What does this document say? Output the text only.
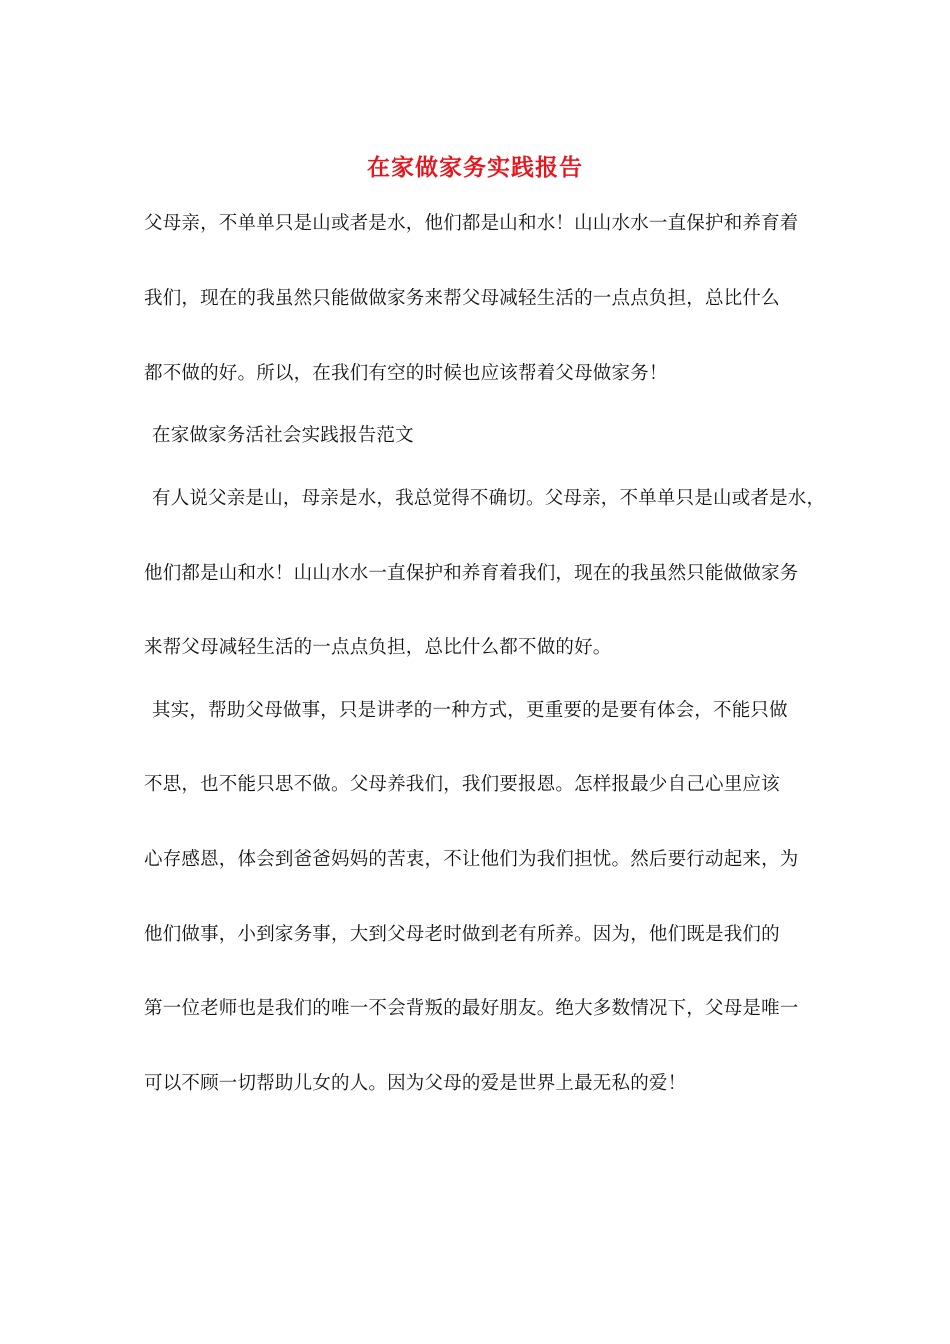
在家做家务实践报告
父母亲，不单单只是山或者是水，他们都是山和水！山山水水一直保护和养育着
我们，现在的我虽然只能做做家务来帮父母减轻生活的一点点负担，总比什么
都不做的好。所以，在我们有空的时候也应该帮着父母做家务！
在家做家务活社会实践报告范文
有人说父亲是山，母亲是水，我总觉得不确切。父母亲，不单单只是山或者是水，
他们都是山和水！山山水水一直保护和养育着我们，现在的我虽然只能做做家务
来帮父母减轻生活的一点点负担，总比什么都不做的好。
其实，帮助父母做事，只是讲孝的一种方式，更重要的是要有体会，不能只做
不思，也不能只思不做。父母养我们，我们要报恩。怎样报最少自己心里应该
心存感恩，体会到爸爸妈妈的苦衷，不让他们为我们担忧。然后要行动起来，为
他们做事，小到家务事，大到父母老时做到老有所养。因为，他们既是我们的
第一位老师也是我们的唯一不会背叛的最好朋友。绝大多数情况下，父母是唯一
可以不顾一切帮助儿女的人。因为父母的爱是世界上最无私的爱！
